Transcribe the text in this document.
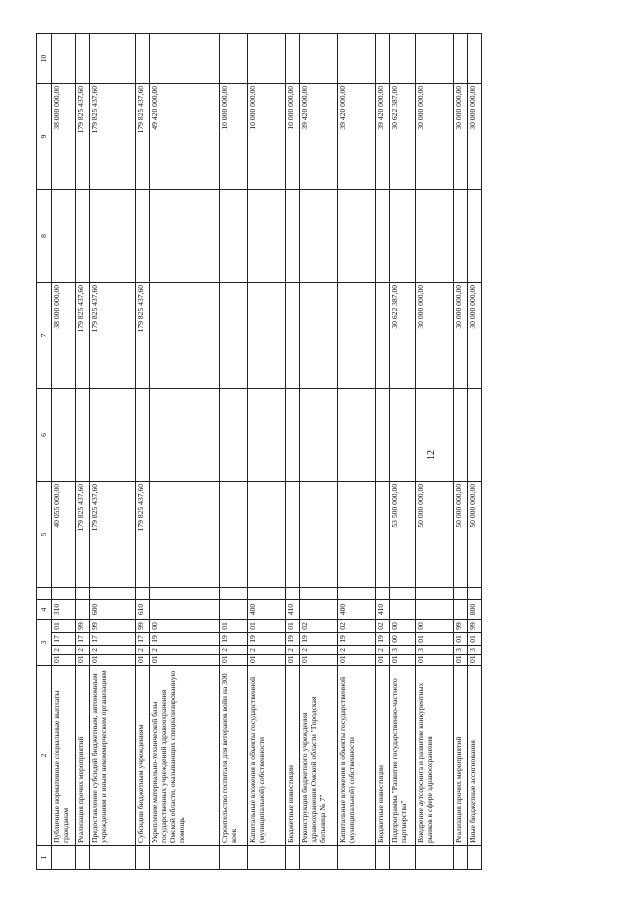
12
1	2	3				4		5	6	7	8	9	10
	Публичные нормативные социальные выплаты гражданам	01	2	17	01	310		40 055 000,00		38 000 000,00		38 000 000,00	
	Реализация прочих мероприятий	01	2	17	99			179 825 437,60		179 825 437,60		179 825 437,60	
	Предоставление субсидий бюджетным, автономным учреждениям и иным некоммерческим организациям	01	2	17	99	600		179 825 437,60		179 825 437,60		179 825 437,60	
	Субсидии бюджетным учреждениям	01	2	17	99	610		179 825 437,60		179 825 437,60		179 825 437,60	
	Укрепление материально-технической базы государственных учреждений здравоохранения Омской области, оказывающих специализированную помощь	01	2	19	00							49 420 000,00	
	Строительство госпиталя для ветеранов войн на 300 коек	01	2	19	01							10 000 000,00	
	Капитальные вложения в объекты государственной (муниципальной) собственности	01	2	19	01	400						10 000 000,00	
	Бюджетные инвестиции	01	2	19	01	410						10 000 000,00	
	Реконструкция бюджетного учреждения здравоохранения Омской области "Городская больница № 7"	01	2	19	02							39 420 000,00	
	Капитальные вложения в объекты государственной (муниципальной) собственности	01	2	19	02	400						39 420 000,00	
	Бюджетные инвестиции	01	2	19	02	410						39 420 000,00	
	Подпрограмма "Развитие государственно-частного партнерства"	01	3	00	00			53 500 000,00		30 622 387,00		30 622 387,00	
	Внедрение аутсорсинга и развитие конкурентных рынков в сфере здравоохранения	01	3	01	00			50 000 000,00		30 000 000,00		30 000 000,00	
	Реализация прочих мероприятий	01	3	01	99			50 000 000,00		30 000 000,00		30 000 000,00	
	Иные бюджетные ассигнования	01	3	01	99	800		50 000 000,00		30 000 000,00		30 000 000,00	
